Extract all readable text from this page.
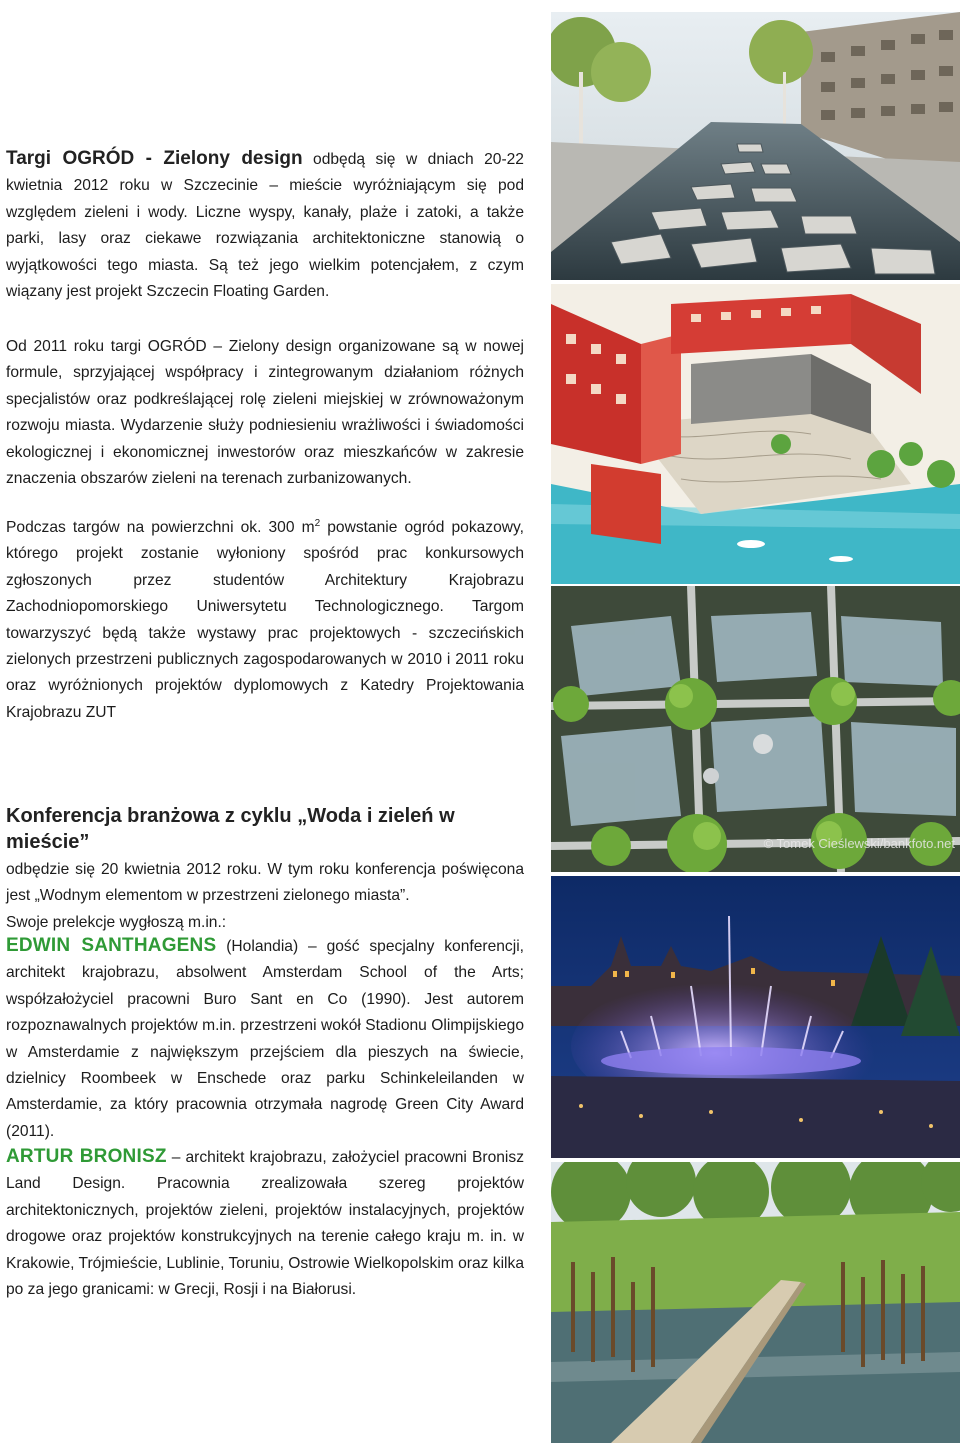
Targi OGRÓD - Zielony design odbędą się w dniach 20-22 kwietnia 2012 roku w Szczecinie – mieście wyróżniającym się pod względem zieleni i wody. Liczne wyspy, kanały, plaże i zatoki, a także parki, lasy oraz ciekawe rozwiązania architektoniczne stanowią o wyjątkowości tego miasta. Są też jego wielkim potencjałem, z czym wiązany jest projekt Szczecin Floating Garden.

Od 2011 roku targi OGRÓD – Zielony design organizowane są w nowej formule, sprzyjającej współpracy i zintegrowanym działaniom różnych specjalistów oraz podkreślającej rolę zieleni miejskiej w zrównoważonym rozwoju miasta. Wydarzenie służy podniesieniu wrażliwości i świadomości ekologicznej i ekonomicznej inwestorów oraz mieszkańców w zakresie znaczenia obszarów zieleni na terenach zurbanizowanych.

Podczas targów na powierzchni ok. 300 $m^2$ powstanie ogród pokazowy, którego projekt zostanie wyłoniony spośród prac konkursowych zgłoszonych przez studentów Architektury Krajobrazu Zachodniopomorskiego Uniwersytetu Technologicznego. Targom towarzyszyć będą także wystawy prac projektowych - szczecińskich zielonych przestrzeni publicznych zagospodarowanych w 2010 i 2011 roku oraz wyróżnionych projektów dyplomowych z Katedry Projektowania Krajobrazu ZUT

Konferencja branżowa z cyklu „Woda i zieleń w mieście”

odbędzie się 20 kwietnia 2012 roku. W tym roku konferencja poświęcona jest „Wodnym elementom w przestrzeni zielonego miasta”.

Swoje prelekcje wygłoszą m.in.:

EDWIN SANTHAGENS (Holandia) – gość specjalny konferencji, architekt krajobrazu, absolwent Amsterdam School of the Arts; współzałożyciel pracowni Buro Sant en Co (1990). Jest autorem rozpoznawalnych projektów m.in. przestrzeni wokół Stadionu Olimpijskiego w Amsterdamie z największym przejściem dla pieszych na świecie, dzielnicy Roombeek w Enschede oraz parku Schinkeleilanden w Amsterdamie, za który pracownia otrzymała nagrodę Green City Award (2011).

ARTUR BRONISZ – architekt krajobrazu, założyciel pracowni Bronisz Land Design. Pracownia zrealizowała szereg projektów architektonicznych, projektów zieleni, projektów instalacyjnych, projektów drogowe oraz projektów konstrukcyjnych na terenie całego kraju m. in. w Krakowie, Trójmieście, Lublinie, Toruniu, Ostrowie Wielkopolskim oraz kilka po za jego granicami: w Grecji, Rosji i na Białorusi.

© Tomek Cieślewski/bankfoto.net
